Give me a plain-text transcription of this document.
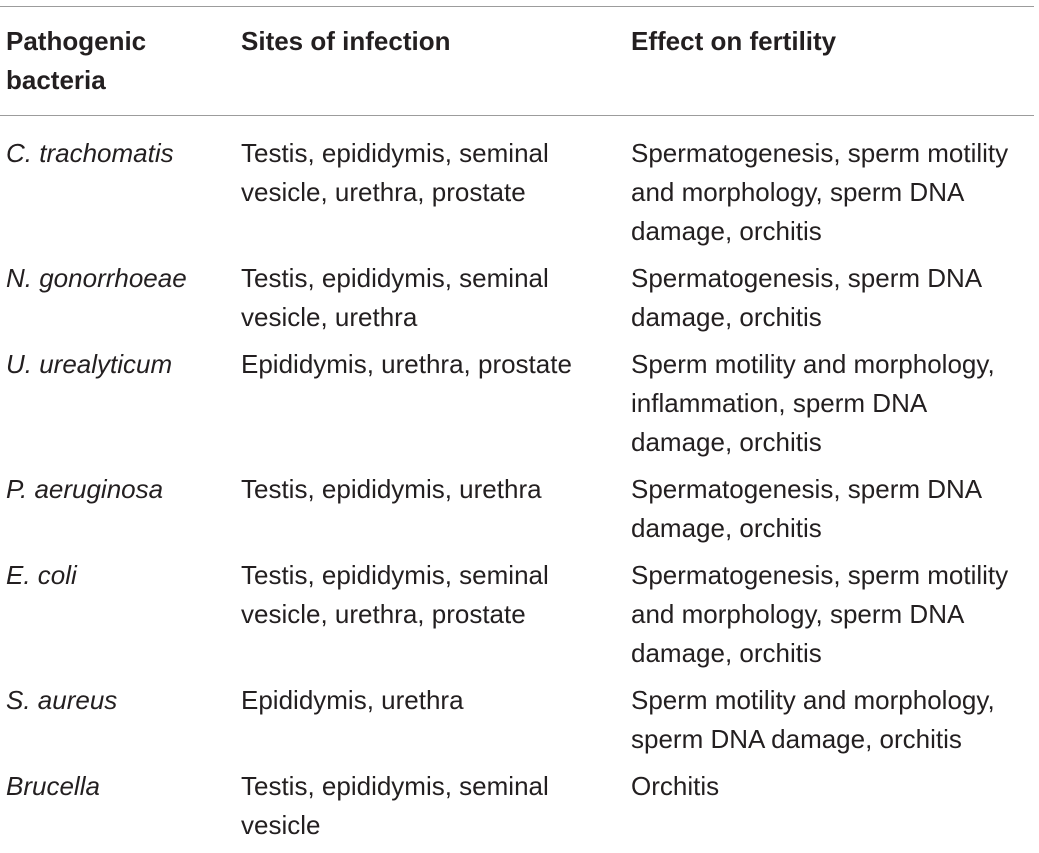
Pathogenic bacteria	Sites of infection	Effect on fertility
C. trachomatis	Testis, epididymis, seminal vesicle, urethra, prostate	Spermatogenesis, sperm motility and morphology, sperm DNA damage, orchitis
N. gonorrhoeae	Testis, epididymis, seminal vesicle, urethra	Spermatogenesis, sperm DNA damage, orchitis
U. urealyticum	Epididymis, urethra, prostate	Sperm motility and morphology, inflammation, sperm DNA damage, orchitis
P. aeruginosa	Testis, epididymis, urethra	Spermatogenesis, sperm DNA damage, orchitis
E. coli	Testis, epididymis, seminal vesicle, urethra, prostate	Spermatogenesis, sperm motility and morphology, sperm DNA damage, orchitis
S. aureus	Epididymis, urethra	Sperm motility and morphology, sperm DNA damage, orchitis
Brucella	Testis, epididymis, seminal vesicle	Orchitis
